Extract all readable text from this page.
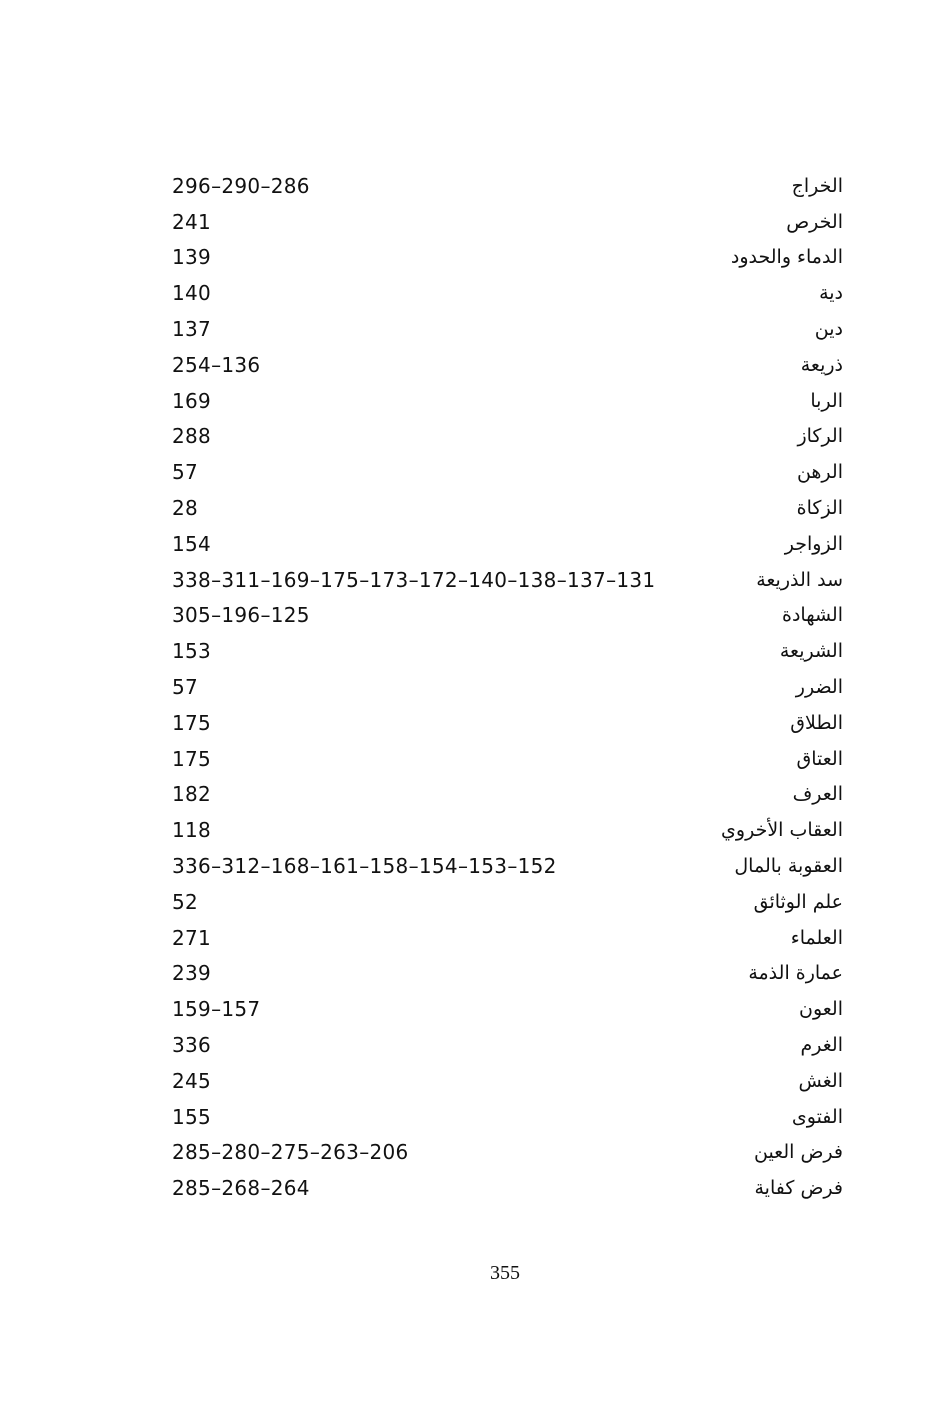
296–290–286	الخراج
241	الخرص
139	الدماء والحدود
140	دية
137	دين
254–136	ذريعة
169	الربا
288	الركاز
57	الرهن
28	الزكاة
154	الزواجر
338–311–169–175–173–172–140–138–137–131	سد الذريعة
305–196–125	الشهادة
153	الشريعة
57	الضرر
175	الطلاق
175	العتاق
182	العرف
118	العقاب الأخروي
336–312–168–161–158–154–153–152	العقوبة بالمال
52	علم الوثائق
271	العلماء
239	عمارة الذمة
159–157	العون
336	الغرم
245	الغش
155	الفتوى
285–280–275–263–206	فرض العين
285–268–264	فرض كفاية
355
